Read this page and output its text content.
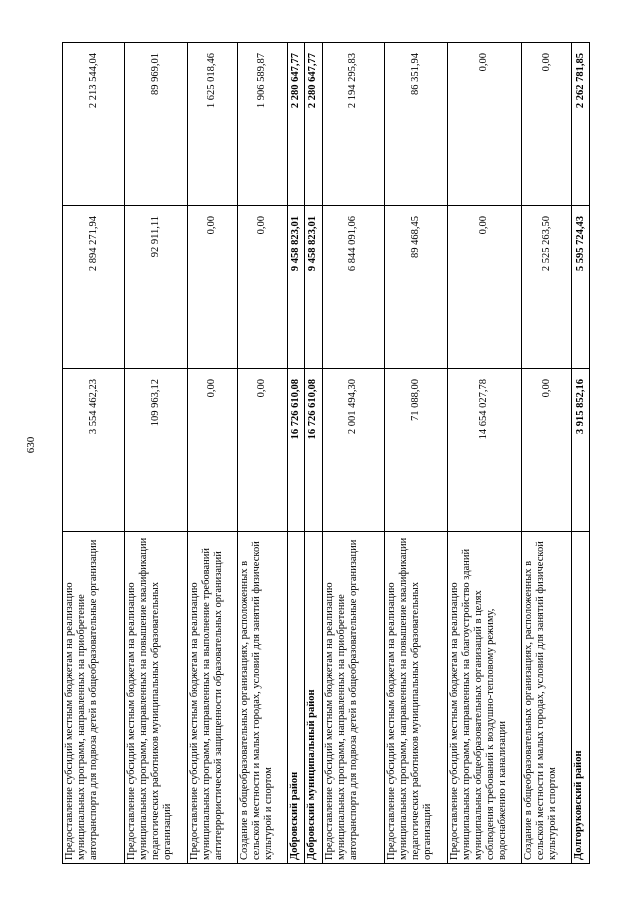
630
Предоставление субсидий местным бюджетам на реализацию муниципальных программ, направленных на приобретение автотранспорта для подвоза детей в общеобразовательные организации	3 554 462,23	2 894 271,94	2 213 544,04
Предоставление субсидий местным бюджетам на реализацию муниципальных программ, направленных на повышение квалификации педагогических работников муниципальных образовательных организаций	109 963,12	92 911,11	89 969,01
Предоставление субсидий местным бюджетам на реализацию муниципальных программ, направленных на выполнение требований антитеррористической защищенности образовательных организаций	0,00	0,00	1 625 018,46
Создание в общеобразовательных организациях, расположенных в сельской местности и малых городах, условий для занятий физической культурой и спортом	0,00	0,00	1 906 589,87
Добровский район	16 726 610,08	9 458 823,01	2 280 647,77
Добровский муниципальный район	16 726 610,08	9 458 823,01	2 280 647,77
Предоставление субсидий местным бюджетам на реализацию муниципальных программ, направленных на приобретение автотранспорта для подвоза детей в общеобразовательные организации	2 001 494,30	6 844 091,06	2 194 295,83
Предоставление субсидий местным бюджетам на реализацию муниципальных программ, направленных на повышение квалификации педагогических работников муниципальных образовательных организаций	71 088,00	89 468,45	86 351,94
Предоставление субсидий местным бюджетам на реализацию муниципальных программ, направленных на благоустройство зданий муниципальных общеобразовательных организаций в целях соблюдения требований к воздушно-тепловому режиму, водоснабжению и канализации	14 654 027,78	0,00	0,00
Создание в общеобразовательных организациях, расположенных в сельской местности и малых городах, условий для занятий физической культурой и спортом	0,00	2 525 263,50	0,00
Долгоруковский район	3 915 852,16	5 595 724,43	2 262 781,85
